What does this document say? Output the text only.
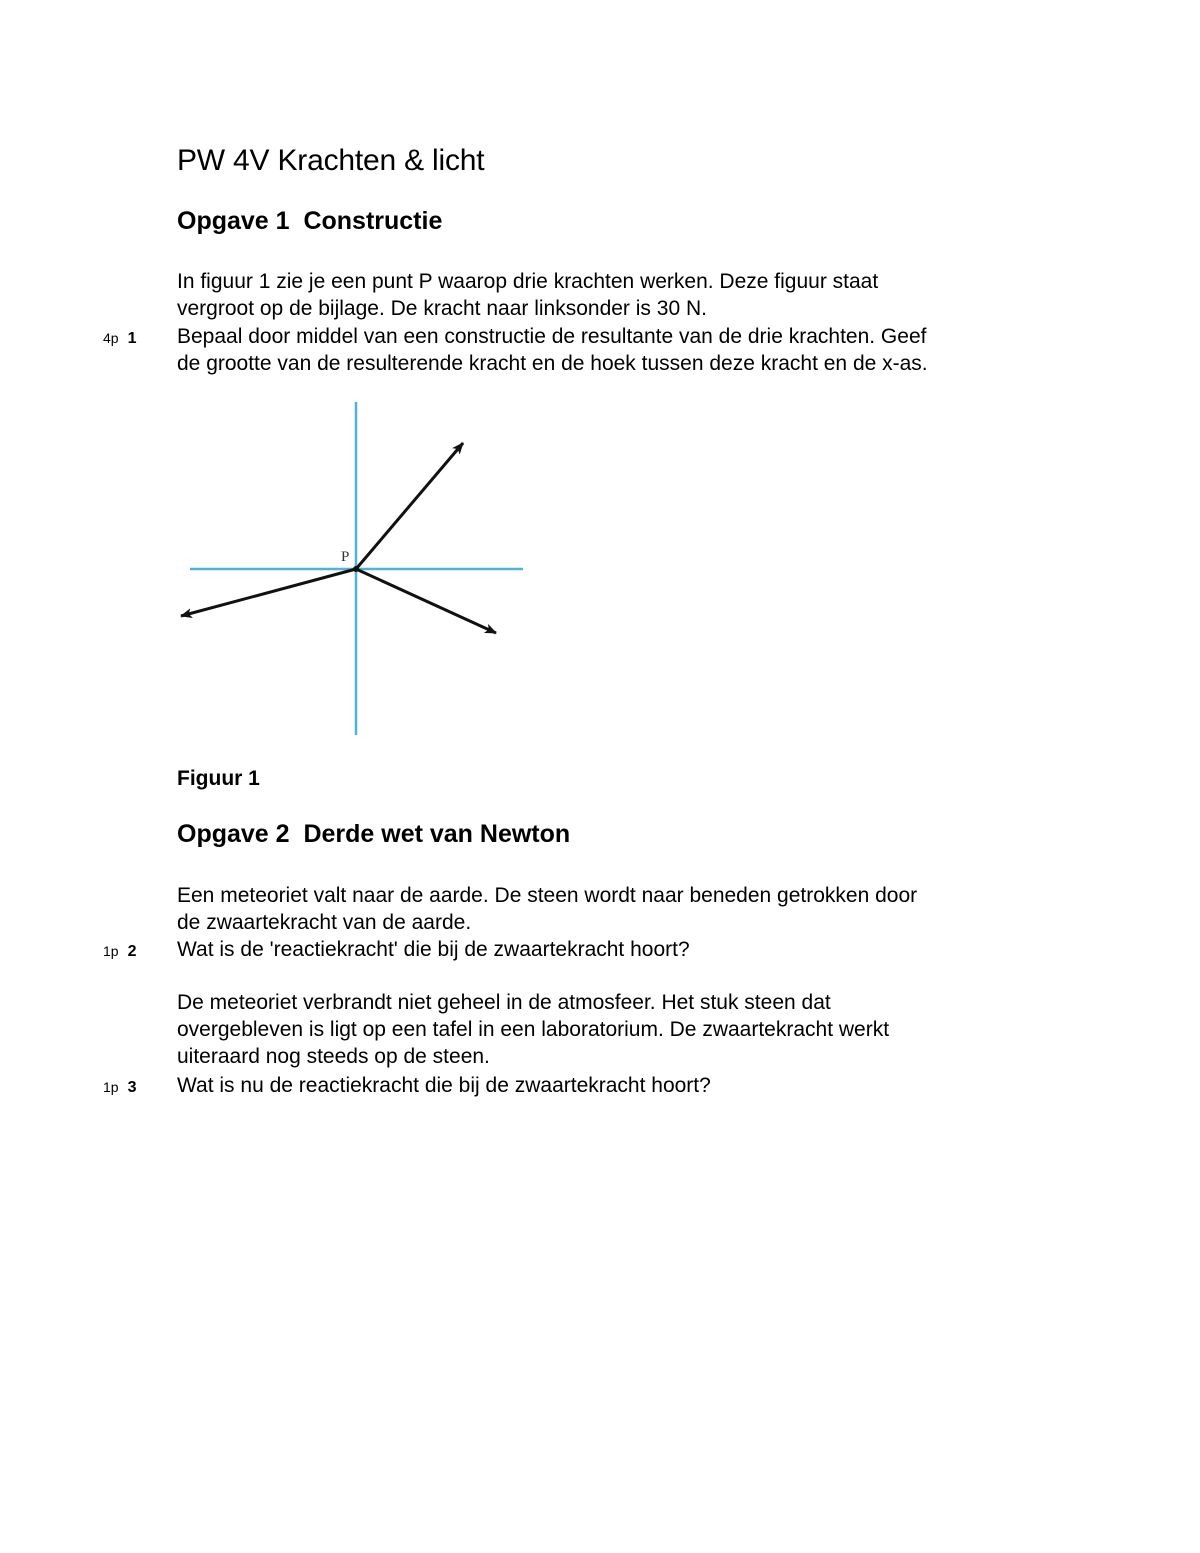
PW 4V Krachten & licht
Opgave 1  Constructie
In figuur 1 zie je een punt P waarop drie krachten werken. Deze figuur staat
vergroot op de bijlage. De kracht naar linksonder is 30 N.
4p 1 Bepaal door middel van een constructie de resultante van de drie krachten. Geef
de grootte van de resulterende kracht en de hoek tussen deze kracht en de x-as.
P
Figuur 1
Opgave 2  Derde wet van Newton
Een meteoriet valt naar de aarde. De steen wordt naar beneden getrokken door
de zwaartekracht van de aarde.
1p 2 Wat is de 'reactiekracht' die bij de zwaartekracht hoort?
De meteoriet verbrandt niet geheel in de atmosfeer. Het stuk steen dat
overgebleven is ligt op een tafel in een laboratorium. De zwaartekracht werkt
uiteraard nog steeds op de steen.
1p 3 Wat is nu de reactiekracht die bij de zwaartekracht hoort?
